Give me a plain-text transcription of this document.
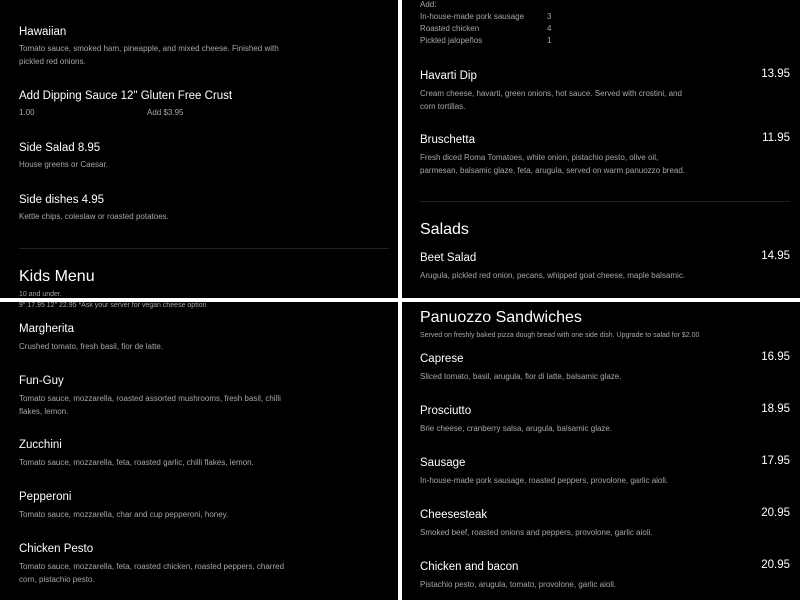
—
Hawaiian
Tomato sauce, smoked ham, pineapple, and mixed cheese. Finished with pickled red onions.
Add Dipping Sauce 12" Gluten Free Crust
1.00	Add $3.95
Side Salad 8.95
House greens or Caesar.
Side dishes 4.95
Kettle chips, coleslaw or roasted potatoes.
Kids Menu
10 and under.
Add:
In-house-made pork sausage	3
Roasted chicken	4
Pickled jalopeños	1
Havarti Dip	13.95
Cream cheese, havarti, green onions, hot sauce. Served with crostini, and corn tortillas.
Bruschetta	11.95
Fresh diced Roma Tomatoes, white onion, pistachio pesto, olive oil, parmesan, balsamic glaze, feta, arugula, served on warm panuozzo bread.
Salads
Beet Salad	14.95
Arugula, pickled red onion, pecans, whipped goat cheese, maple balsamic.
9" 17.95 12" 22.95 *Ask your server for vegan cheese option
Margherita
Crushed tomato, fresh basil, fior de latte.
Fun-Guy
Tomato sauce, mozzarella, roasted assorted mushrooms, fresh basil, chilli flakes, lemon.
Zucchini
Tomato sauce, mozzarella, feta, roasted garlic, chilli flakes, lemon.
Pepperoni
Tomato sauce, mozzarella, char and cup pepperoni, honey.
Chicken Pesto
Tomato sauce, mozzarella, feta, roasted chicken, roasted peppers, charred corn, pistachio pesto.
Panuozzo Sandwiches
Served on freshly baked pizza dough bread with one side dish. Upgrade to salad for $2.00
Caprese	16.95
Sliced tomato, basil, arugula, fior di latte, balsamic glaze.
Prosciutto	18.95
Brie cheese, cranberry salsa, arugula, balsamic glaze.
Sausage	17.95
In-house-made pork sausage, roasted peppers, provolone, garlic aioli.
Cheesesteak	20.95
Smoked beef, roasted onions and peppers, provolone, garlic aioli.
Chicken and bacon	20.95
Pistachio pesto, arugula, tomato, provolone, garlic aioli.
